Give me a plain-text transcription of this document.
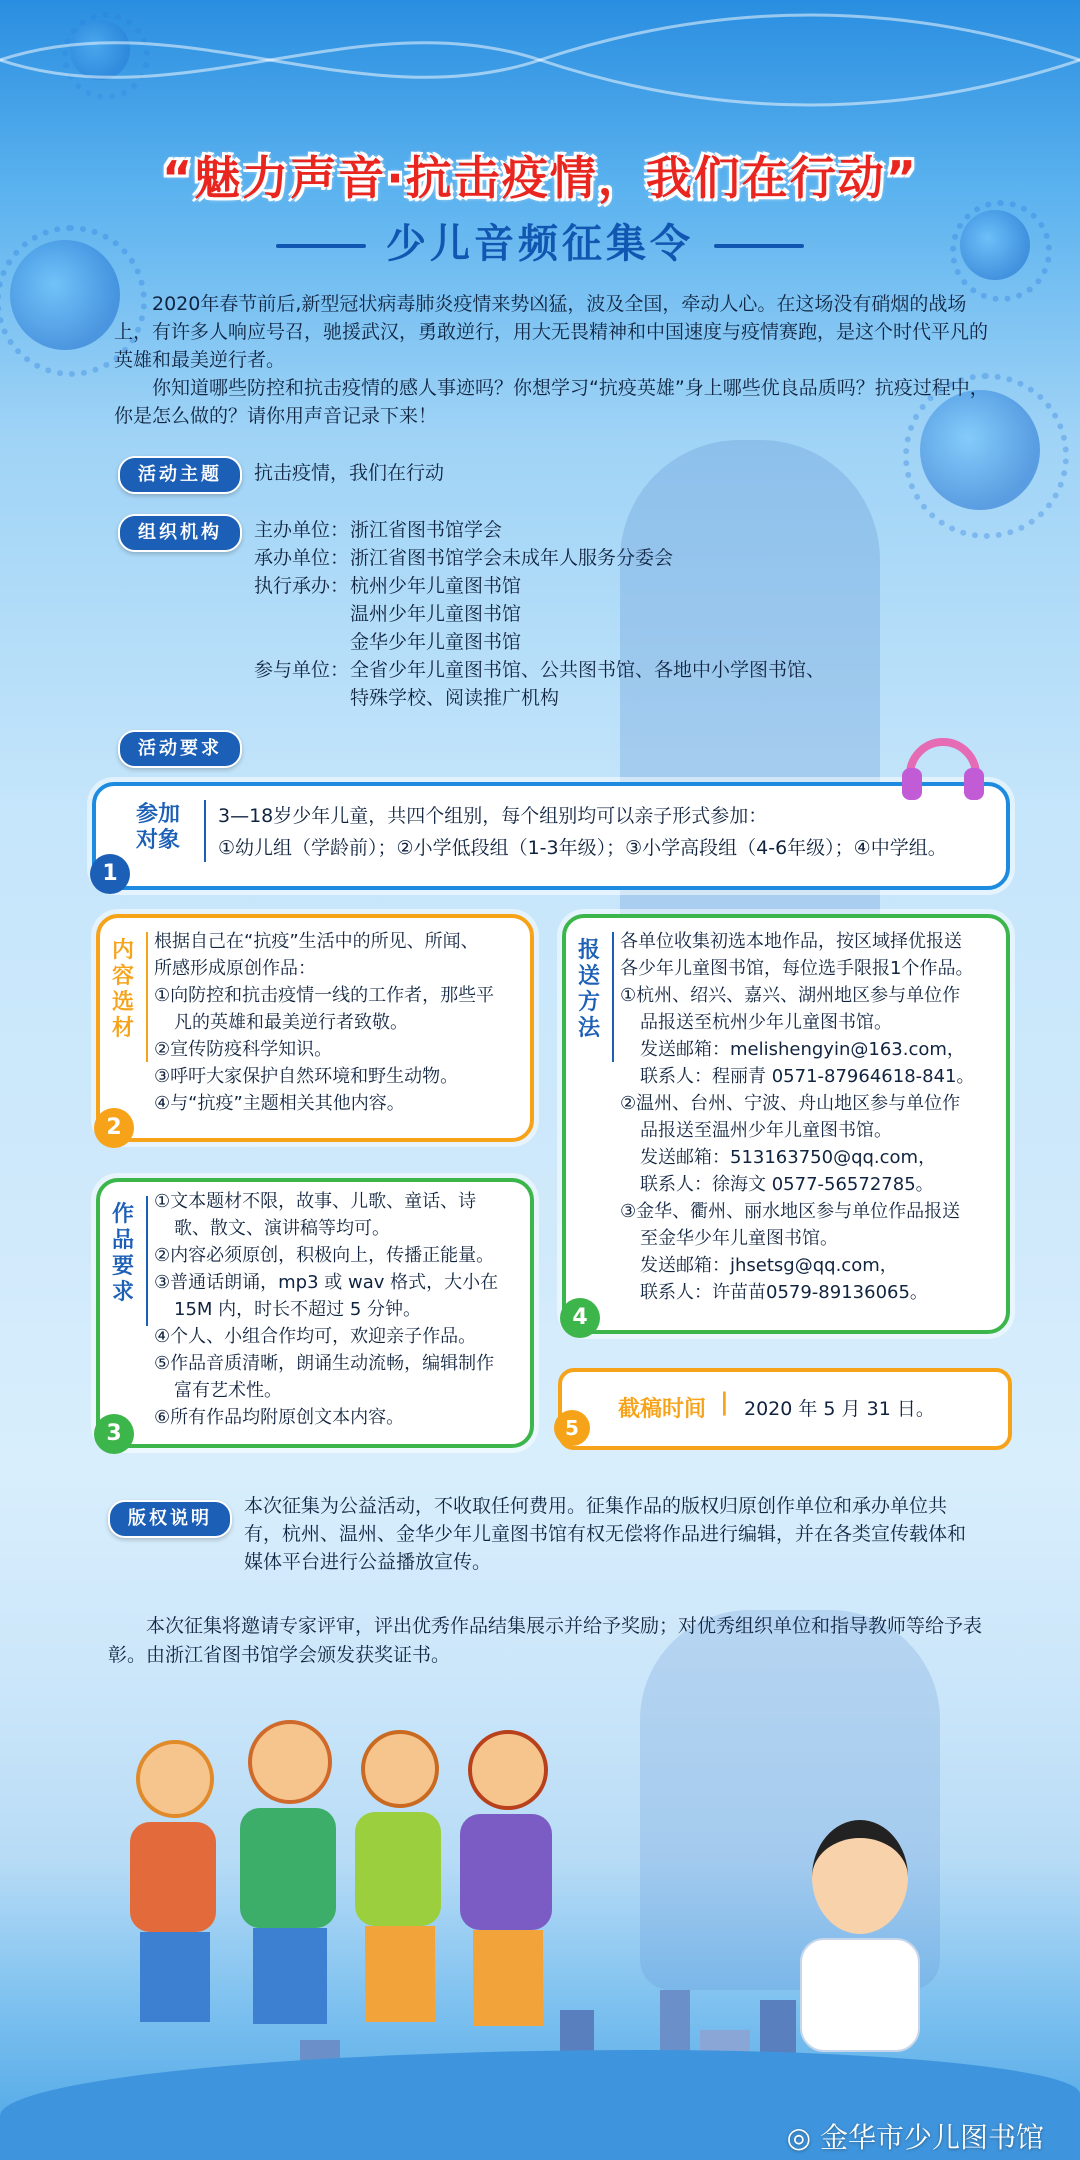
“魅力声音·抗击疫情，我们在行动”
少儿音频征集令
2020年春节前后,新型冠状病毒肺炎疫情来势凶猛，波及全国，牵动人心。在这场没有硝烟的战场上，有许多人响应号召，驰援武汉，勇敢逆行，用大无畏精神和中国速度与疫情赛跑，是这个时代平凡的英雄和最美逆行者。
你知道哪些防控和抗击疫情的感人事迹吗？你想学习“抗疫英雄”身上哪些优良品质吗？抗疫过程中，你是怎么做的？请你用声音记录下来！
活动主题	抗击疫情，我们在行动
组织机构	主办单位： 浙江省图书馆学会
承办单位： 浙江省图书馆学会未成年人服务分委会
执行承办： 杭州少年儿童图书馆
温州少年儿童图书馆
金华少年儿童图书馆
参与单位： 全省少年儿童图书馆、公共图书馆、各地中小学图书馆、
特殊学校、阅读推广机构
活动要求
参加
对象
3—18岁少年儿童，共四个组别，每个组别均可以亲子形式参加：
①幼儿组（学龄前）；②小学低段组（1-3年级）；③小学高段组（4-6年级）；④中学组。
1
内
容
选
材
根据自己在“抗疫”生活中的所见、所闻、
所感形成原创作品：
①向防控和抗击疫情一线的工作者，那些平
凡的英雄和最美逆行者致敬。
②宣传防疫科学知识。
③呼吁大家保护自然环境和野生动物。
④与“抗疫”主题相关其他内容。
2
作
品
要
求
①文本题材不限，故事、儿歌、童话、诗
歌、散文、演讲稿等均可。
②内容必须原创，积极向上，传播正能量。
③普通话朗诵，mp3 或 wav 格式，大小在
15M 内，时长不超过 5 分钟。
④个人、小组合作均可，欢迎亲子作品。
⑤作品音质清晰，朗诵生动流畅，编辑制作
富有艺术性。
⑥所有作品均附原创文本内容。
3
报
送
方
法
各单位收集初选本地作品，按区域择优报送
各少年儿童图书馆，每位选手限报1个作品。
①杭州、绍兴、嘉兴、湖州地区参与单位作
品报送至杭州少年儿童图书馆。
发送邮箱：melishengyin@163.com，
联系人：程丽青 0571-87964618-841。
②温州、台州、宁波、舟山地区参与单位作
品报送至温州少年儿童图书馆。
发送邮箱：513163750@qq.com，
联系人：徐海文 0577-56572785。
③金华、衢州、丽水地区参与单位作品报送
至金华少年儿童图书馆。
发送邮箱：jhsetsg@qq.com，
联系人：许苗苗0579-89136065。
4
截稿时间 | 2020 年 5 月 31 日。
5
版权说明
本次征集为公益活动，不收取任何费用。征集作品的版权归原创作单位和承办单位共
有，杭州、温州、金华少年儿童图书馆有权无偿将作品进行编辑，并在各类宣传载体和
媒体平台进行公益播放宣传。
本次征集将邀请专家评审，评出优秀作品结集展示并给予奖励；对优秀组织单位和指导教师等给予表
彰。由浙江省图书馆学会颁发获奖证书。
◎ 金华市少儿图书馆
